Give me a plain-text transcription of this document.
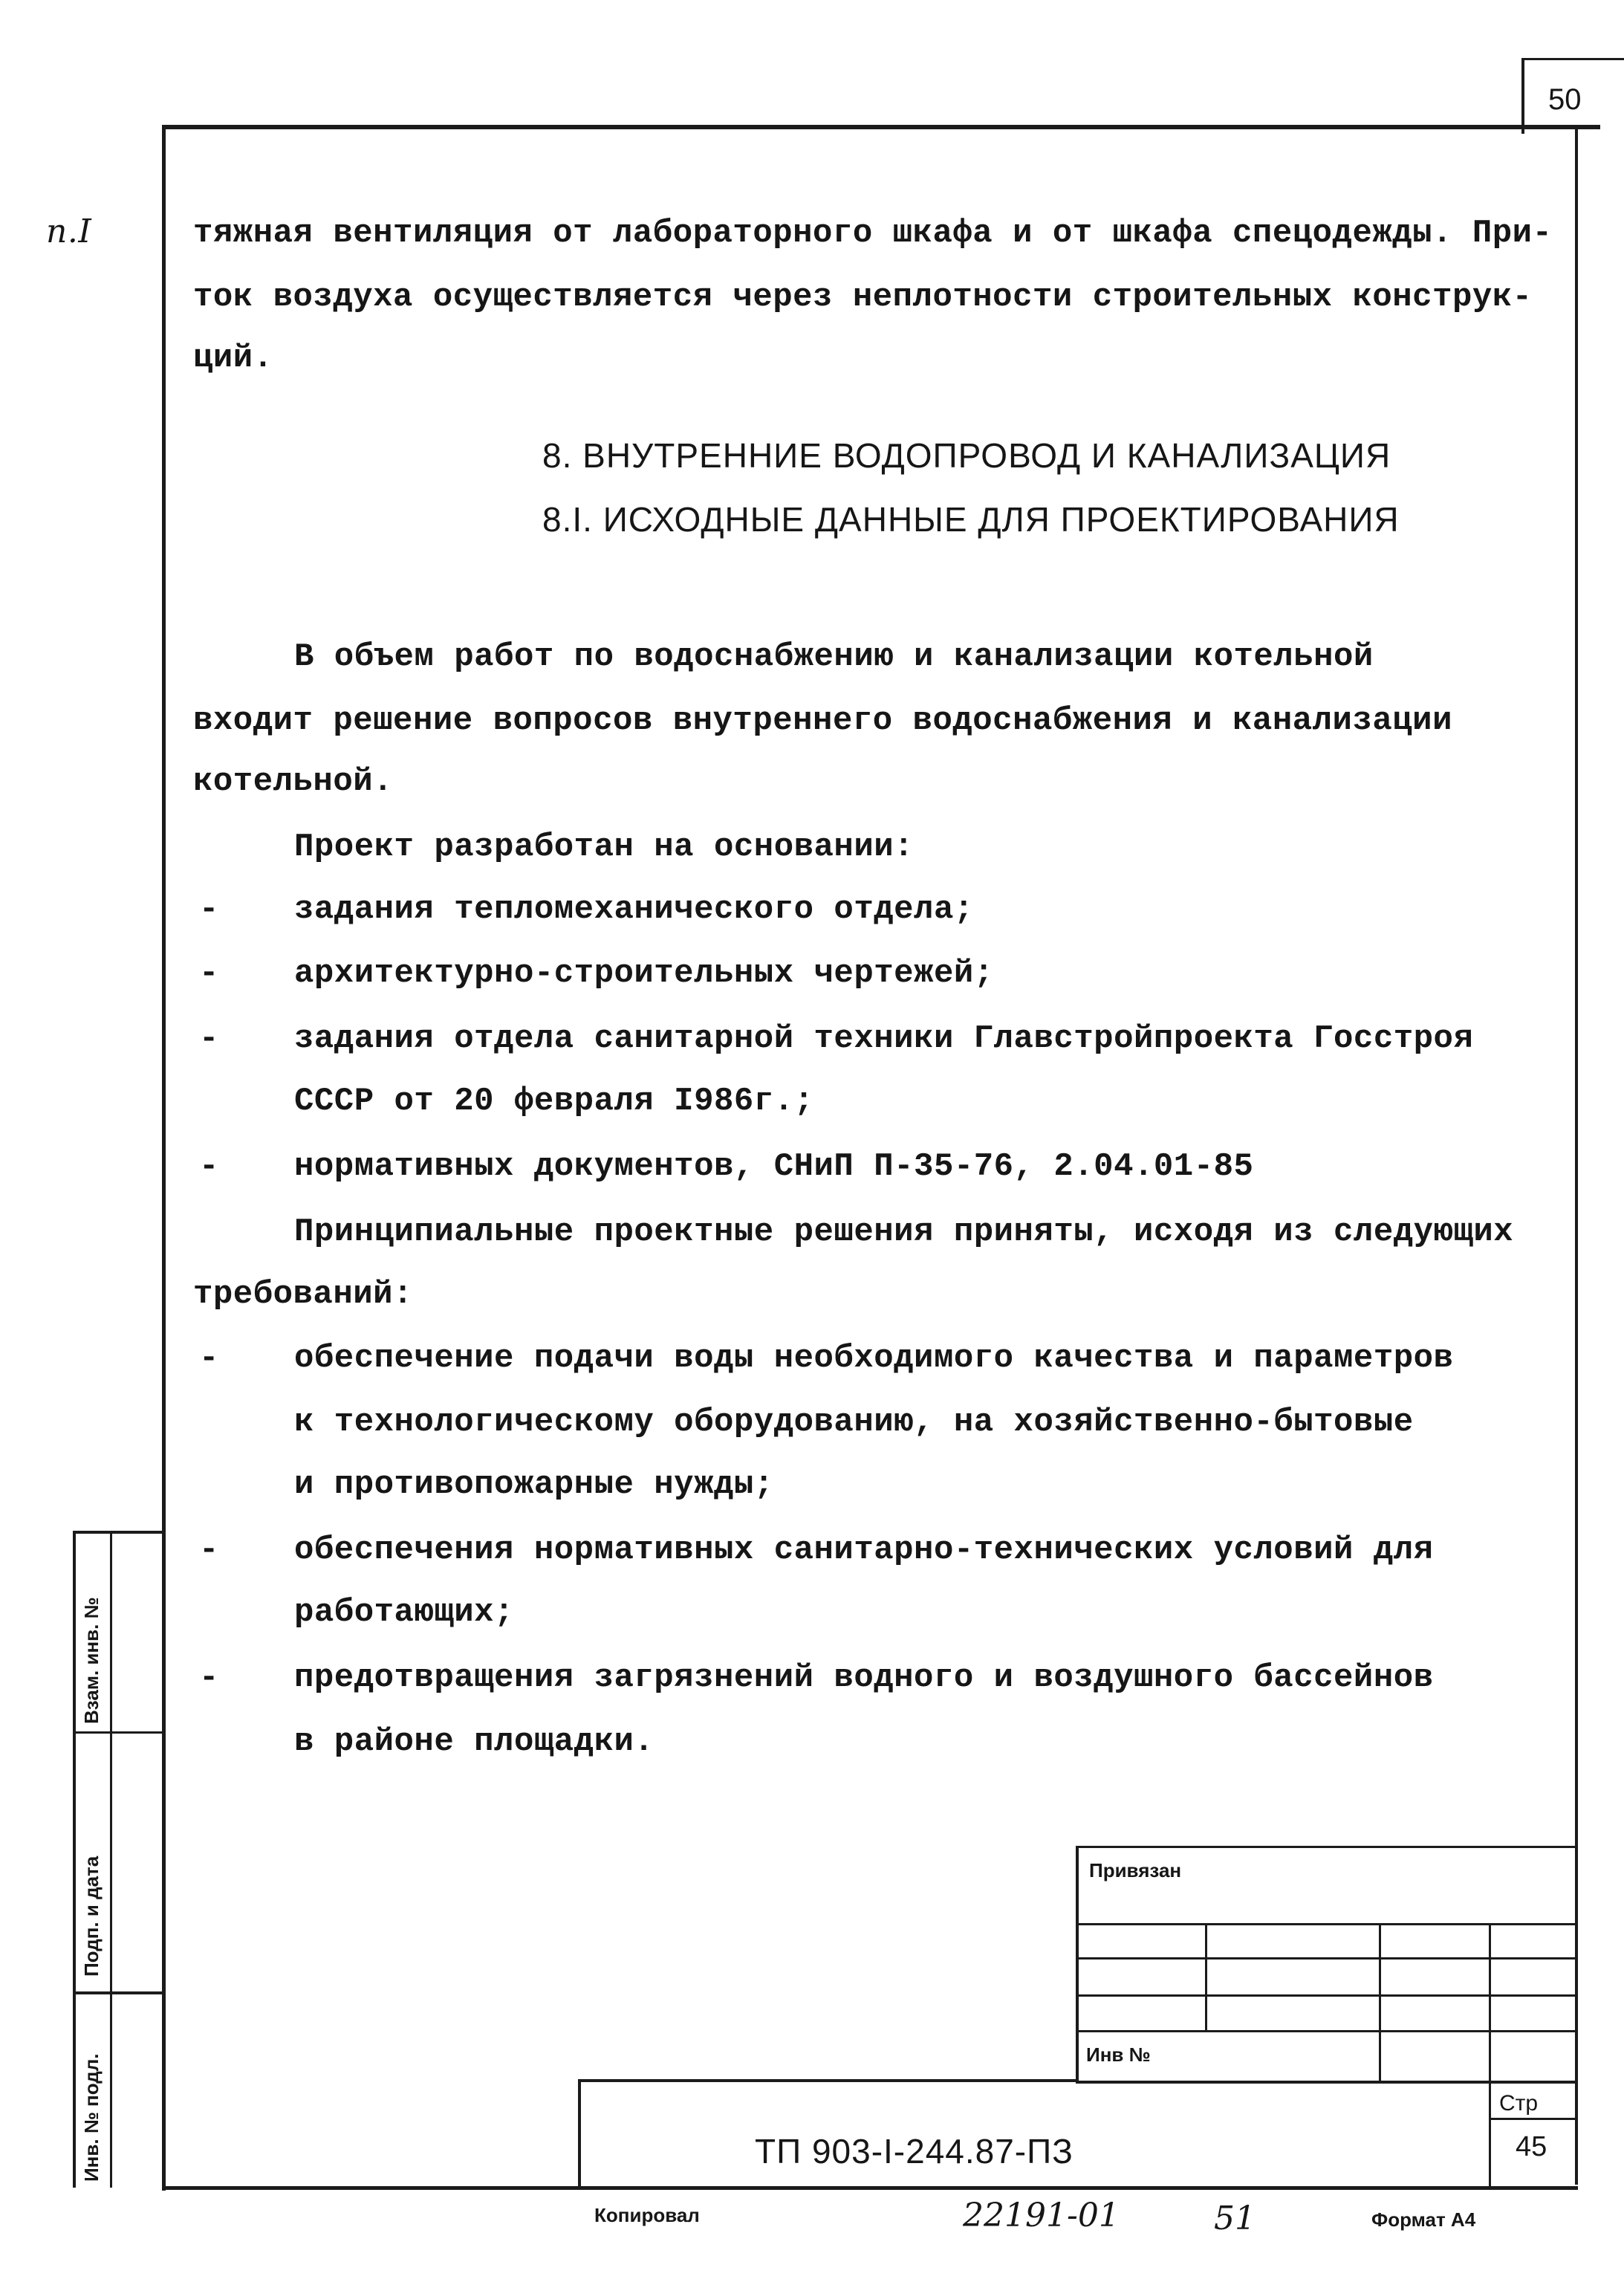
50
п.I	тяжная вентиляция от лабораторного шкафа и от шкафа спецодежды. При-
ток воздуха осуществляется через неплотности строительных конструк-
ций.
8. ВНУТРЕННИЕ ВОДОПРОВОД И КАНАЛИЗАЦИЯ
8.I. ИСХОДНЫЕ ДАННЫЕ ДЛЯ ПРОЕКТИРОВАНИЯ
В объем работ по водоснабжению и канализации котельной
входит решение вопросов внутреннего водоснабжения и канализации
котельной.
Проект разработан на основании:
- задания тепломеханического отдела;
- архитектурно-строительных чертежей;
- задания отдела санитарной техники Главстройпроекта Госстроя
СССР от 20 февраля I986г.;
- нормативных документов, СНиП П-35-76, 2.04.01-85
Принципиальные проектные решения приняты, исходя из следующих
требований:
- обеспечение подачи воды необходимого качества и параметров
к технологическому оборудованию, на хозяйственно-бытовые
и противопожарные нужды;
- обеспечения нормативных санитарно-технических условий для
работающих;
- предотвращения загрязнений водного и воздушного бассейнов
в районе площадки.
Взам. инв. №
Подп. и дата
Инв. № подл.
Привязан
Инв №
ТП 903-I-244.87-ПЗ
Стр
45
Копировал	22191-01	51	Формат А4
